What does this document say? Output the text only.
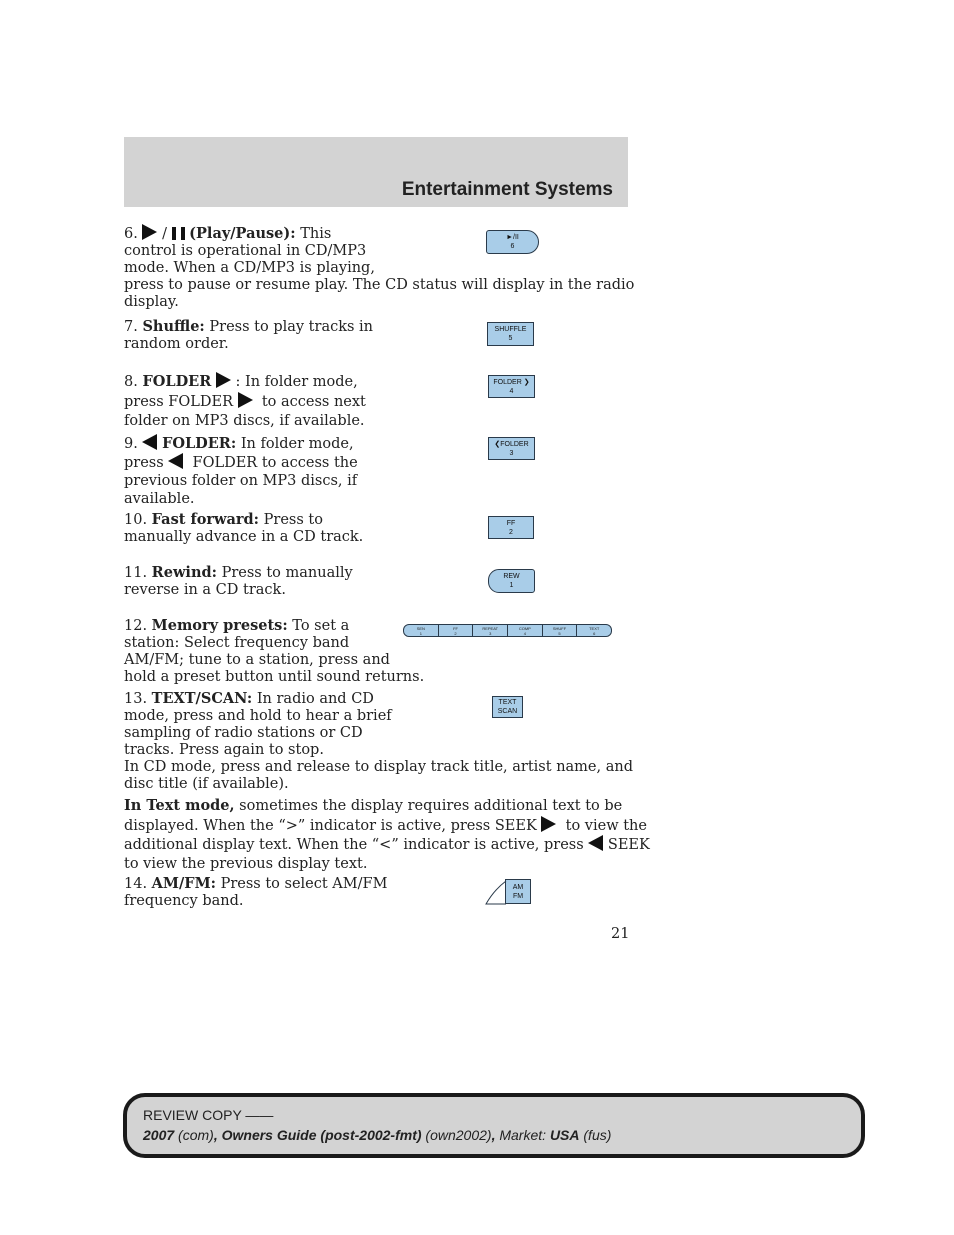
Entertainment Systems
6. / (Play/Pause): This
control is operational in CD/MP3
mode. When a CD/MP3 is playing,
press to pause or resume play. The CD status will display in the radio
display.
►/II
6
7. Shuffle: Press to play tracks in
random order.
SHUFFLE
5
8. FOLDER : In folder mode,
press FOLDER to access next
folder on MP3 discs, if available.
FOLDER ❯
4
9. FOLDER: In folder mode,
press FOLDER to access the
previous folder on MP3 discs, if
available.
❮FOLDER
3
10. Fast forward: Press to
manually advance in a CD track.
FF
2
11. Rewind: Press to manually
reverse in a CD track.
REW
1
12. Memory presets: To set a
station: Select frequency band
AM/FM; tune to a station, press and
hold a preset button until sound returns.
SEN
1
FF
2
REPEAT
3
COMP
4
SHUFF
5
TEXT
6
13. TEXT/SCAN: In radio and CD
mode, press and hold to hear a brief
sampling of radio stations or CD
tracks. Press again to stop.
In CD mode, press and release to display track title, artist name, and
disc title (if available).
TEXT
SCAN
In Text mode, sometimes the display requires additional text to be
displayed. When the “>” indicator is active, press SEEK to view the
additional display text. When the “<” indicator is active, press SEEK
to view the previous display text.
14. AM/FM: Press to select AM/FM
frequency band.
AM
FM
21
REVIEW COPY ——
2007 (com), Owners Guide (post-2002-fmt) (own2002), Market: USA (fus)
